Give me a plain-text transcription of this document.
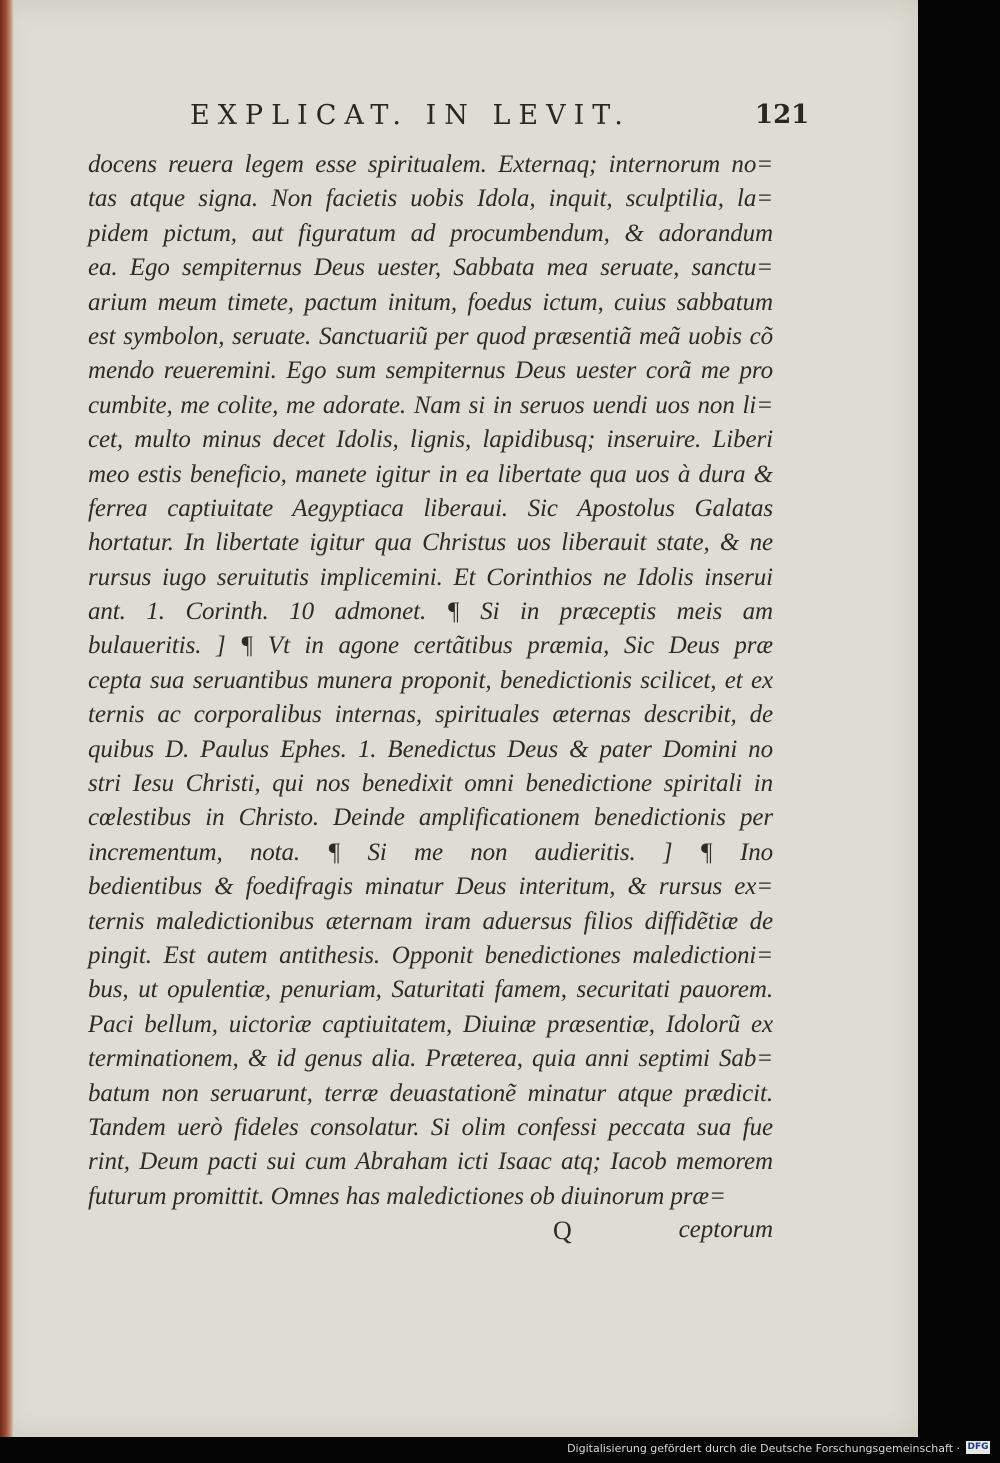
EXPLICAT. IN LEVIT.	121
docens reuera legem esse spiritualem. Externaq; internorum no=
tas atque signa. Non facietis uobis Idola, inquit, sculptilia, la=
pidem pictum, aut figuratum ad procumbendum, & adorandum
ea. Ego sempiternus Deus uester, Sabbata mea seruate, sanctu=
arium meum timete, pactum initum, foedus ictum, cuius sabbatum
est symbolon, seruate. Sanctuariũ per quod præsentiã meã uobis cõ
mendo reueremini. Ego sum sempiternus Deus uester corã me pro
cumbite, me colite, me adorate. Nam si in seruos uendi uos non li=
cet, multo minus decet Idolis, lignis, lapidibusq; inseruire. Liberi
meo estis beneficio, manete igitur in ea libertate qua uos à dura &
ferrea captiuitate Aegyptiaca liberaui. Sic Apostolus Galatas
hortatur. In libertate igitur qua Christus uos liberauit state, & ne
rursus iugo seruitutis implicemini. Et Corinthios ne Idolis inserui
ant. 1. Corinth. 10 admonet. ¶ Si in præceptis meis am
bulaueritis. ] ¶ Vt in agone certãtibus præmia, Sic Deus præ
cepta sua seruantibus munera proponit, benedictionis scilicet, et ex
ternis ac corporalibus internas, spirituales æternas describit, de
quibus D. Paulus Ephes. 1. Benedictus Deus & pater Domini no
stri Iesu Christi, qui nos benedixit omni benedictione spiritali in
cœlestibus in Christo. Deinde amplificationem benedictionis per
incrementum, nota. ¶ Si me non audieritis. ] ¶ Ino
bedientibus & foedifragis minatur Deus interitum, & rursus ex=
ternis maledictionibus æternam iram aduersus filios diffidẽtiæ de
pingit. Est autem antithesis. Opponit benedictiones maledictioni=
bus, ut opulentiæ, penuriam, Saturitati famem, securitati pauorem.
Paci bellum, uictoriæ captiuitatem, Diuinæ præsentiæ, Idolorũ ex
terminationem, & id genus alia. Præterea, quia anni septimi Sab=
batum non seruarunt, terræ deuastationẽ minatur atque prædicit.
Tandem uerò fideles consolatur. Si olim confessi peccata sua fue
rint, Deum pacti sui cum Abraham icti Isaac atq; Iacob memorem
futurum promittit. Omnes has maledictiones ob diuinorum præ=
Q	ceptorum
Digitalisierung gefördert durch die Deutsche Forschungsgemeinschaft · DFG
